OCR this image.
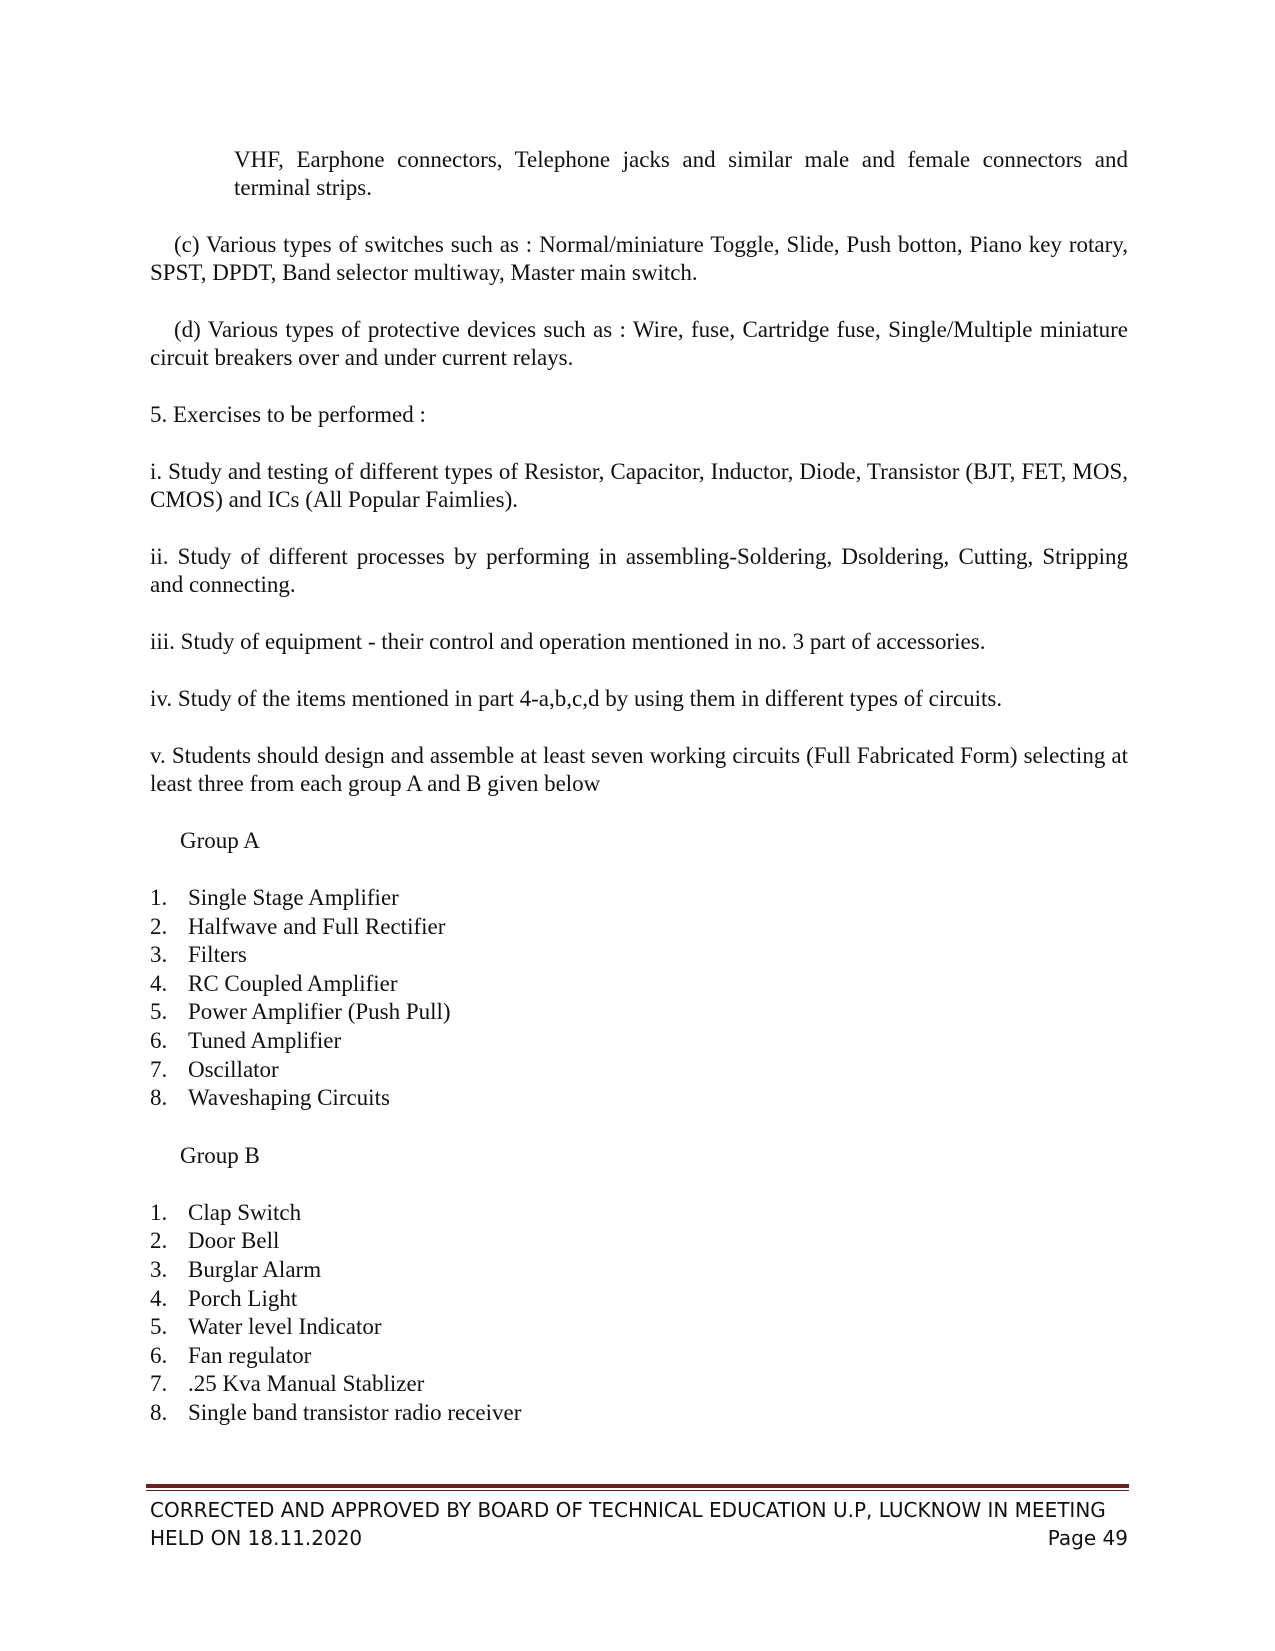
VHF, Earphone connectors, Telephone jacks and similar male and female connectors and terminal strips.

(c) Various types of switches such as : Normal/miniature Toggle, Slide, Push botton, Piano key rotary, SPST, DPDT, Band selector multiway, Master main switch.

(d) Various types of protective devices such as : Wire, fuse, Cartridge fuse, Single/Multiple miniature circuit breakers over and under current relays.

5. Exercises to be performed :

i. Study and testing of different types of Resistor, Capacitor, Inductor, Diode, Transistor (BJT, FET, MOS, CMOS) and ICs (All Popular Faimlies).

ii. Study of different processes by performing in assembling-Soldering, Dsoldering, Cutting, Stripping and connecting.

iii. Study of equipment - their control and operation mentioned in no. 3 part of accessories.

iv. Study of the items mentioned in part 4-a,b,c,d by using them in different types of circuits.

v. Students should design and assemble at least seven working circuits (Full Fabricated Form) selecting at least three from each group A and B given below

Group A

1. Single Stage Amplifier
2. Halfwave and Full Rectifier
3. Filters
4. RC Coupled Amplifier
5. Power Amplifier (Push Pull)
6. Tuned Amplifier
7. Oscillator
8. Waveshaping Circuits

Group B

1. Clap Switch
2. Door Bell
3. Burglar Alarm
4. Porch Light
5. Water level Indicator
6. Fan regulator
7. .25 Kva Manual Stablizer
8. Single band transistor radio receiver
CORRECTED AND APPROVED BY BOARD OF TECHNICAL EDUCATION U.P, LUCKNOW IN MEETING
HELD ON 18.11.2020	Page 49
